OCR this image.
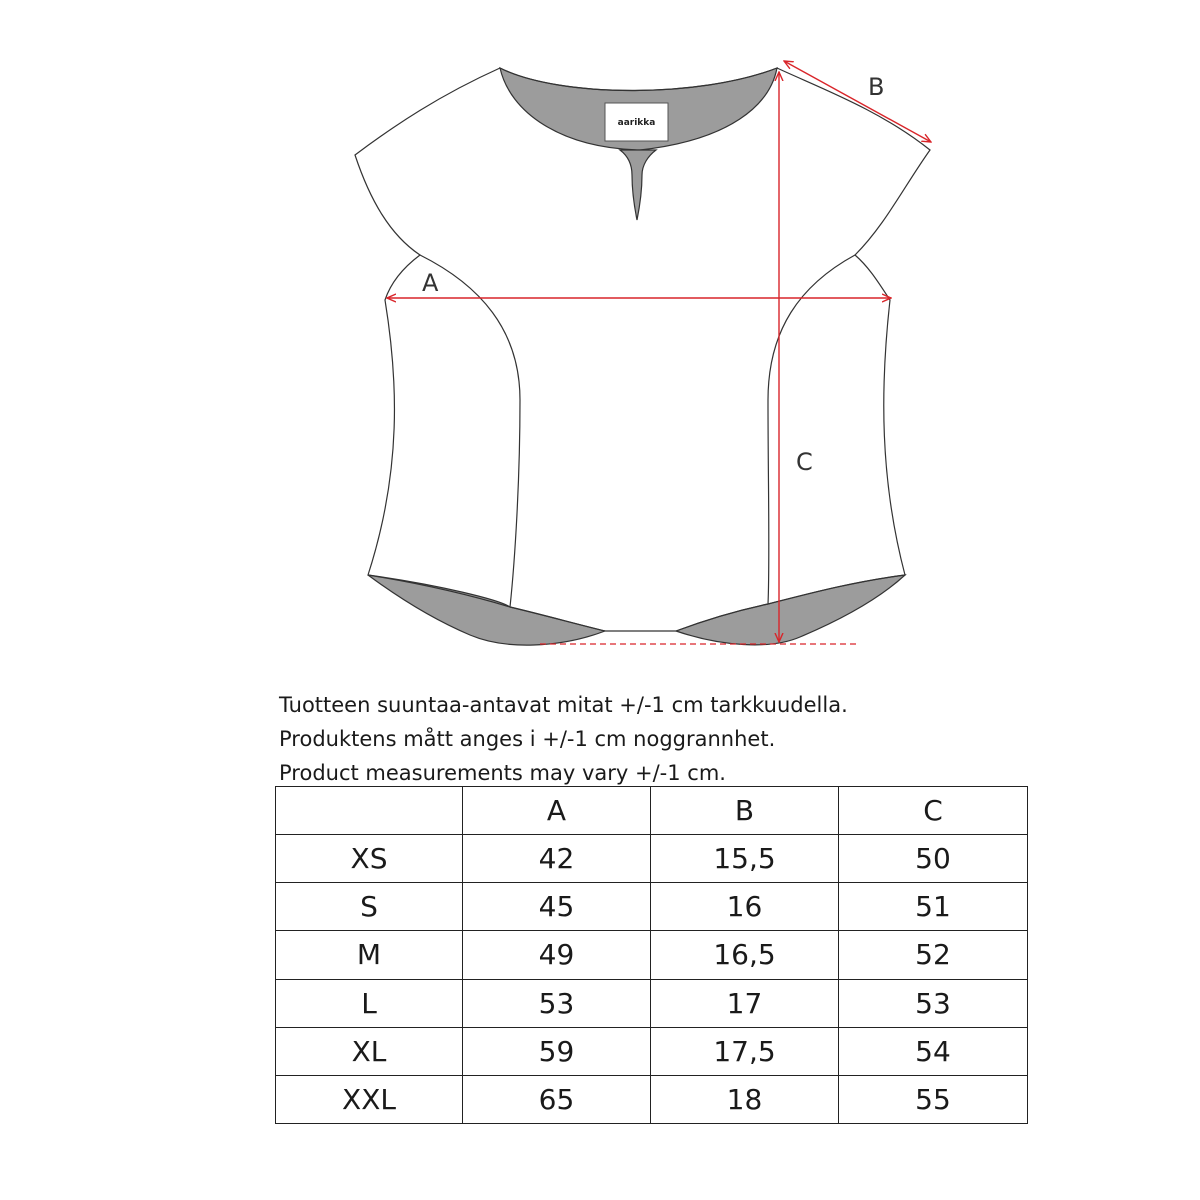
aarikka
A
B
C
Tuotteen suuntaa-antavat mitat +/-1 cm tarkkuudella.
Produktens mått anges i +/-1 cm noggrannhet.
Product measurements may vary +/-1 cm.
	A	B	C
XS	42	15,5	50
S	45	16	51
M	49	16,5	52
L	53	17	53
XL	59	17,5	54
XXL	65	18	55
